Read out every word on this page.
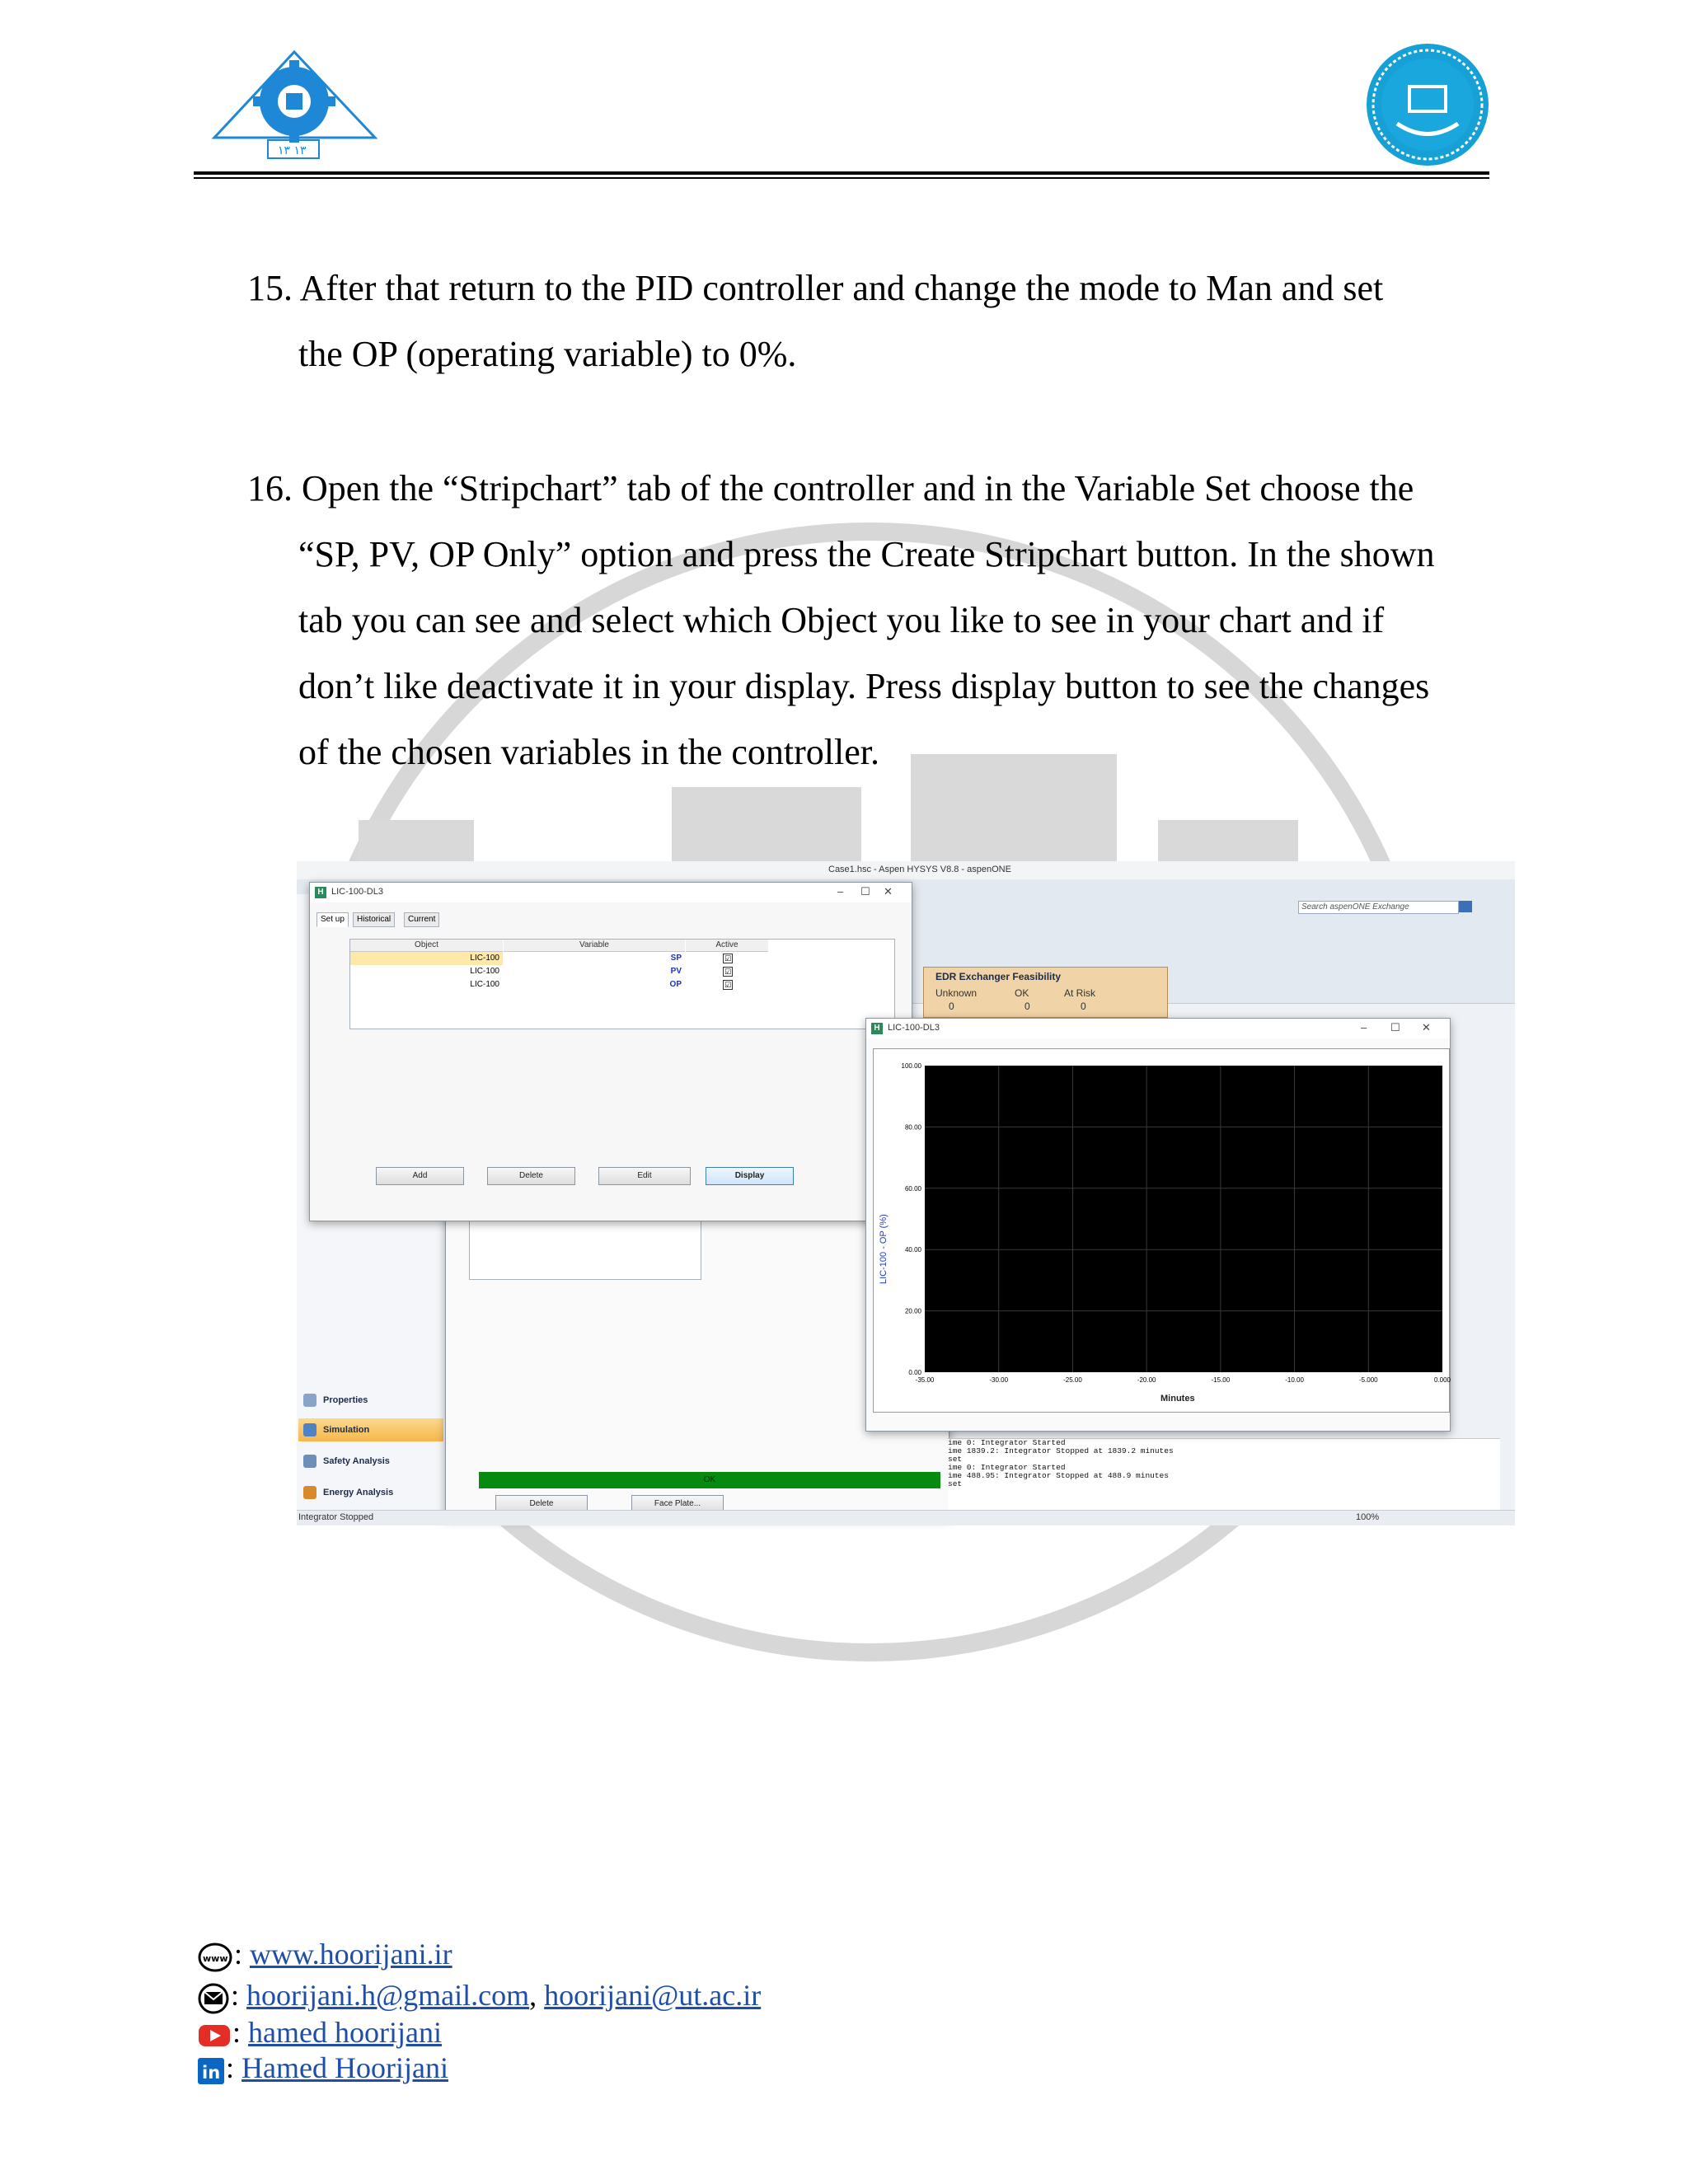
۱۳ ۱۳
15. After that return to the PID controller and change the mode to Man and set
the OP (operating variable) to 0%.
16. Open the “Stripchart” tab of the controller and in the Variable Set choose the
“SP, PV, OP Only” option and press the Create Stripchart button. In the shown
tab you can see and select which Object you like to see in your chart and if
don’t like deactivate it in your display. Press display button to see the changes
of the chosen variables in the controller.
Case1.hsc - Aspen HYSYS V8.8 - aspenONE
Search aspenONE Exchange
EDR Exchanger Feasibility
Unknown	OK	At Risk
0	0	0
Properties
Simulation
Safety Analysis
Energy Analysis
OK
Delete	Face Plate...
ime 0: Integrator Started
ime 1839.2: Integrator Stopped at 1839.2 minutes
set
ime 0: Integrator Started
ime 488.95: Integrator Stopped at 488.9 minutes
set
H LIC-100-DL3	– ☐ ✕
Set up	Historical	Current
Object	Variable	Active
LIC-100	SP	☑
LIC-100	PV	☑
LIC-100	OP	☑
Add	Delete	Edit	Display
H LIC-100-DL3	– ☐ ✕
-35.00	-30.00	-25.00	-20.00	-15.00	-10.00	-5.000	0.000
0.00
20.00
40.00
60.00
80.00
100.00
LIC-100 - OP (%)
Minutes
Integrator Stopped	100%
www : www.hoorijani.ir
: hoorijani.h@gmail.com, hoorijani@ut.ac.ir
: hamed hoorijani
in : Hamed Hoorijani
